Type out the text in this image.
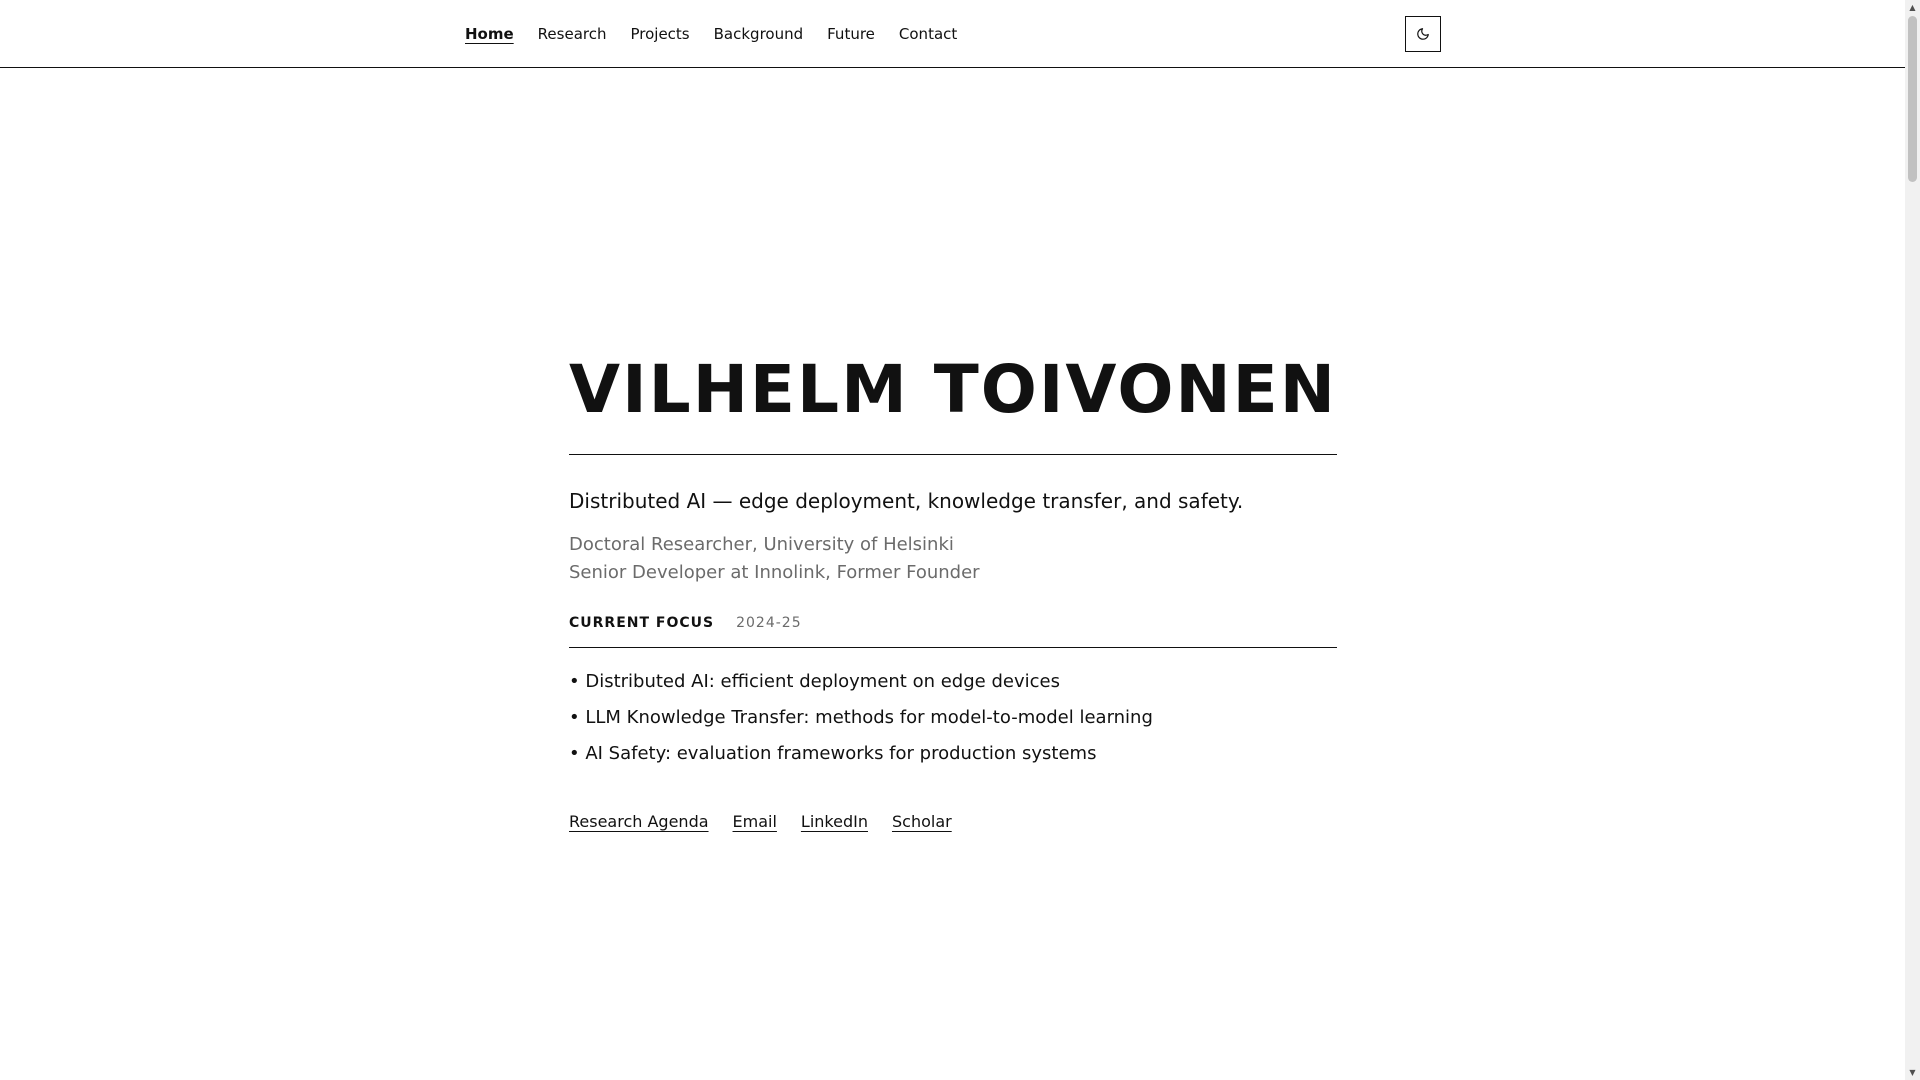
Home Research Projects Background Future Contact
VILHELM TOIVONEN

Distributed AI — edge deployment, knowledge transfer, and safety.

Doctoral Researcher, University of Helsinki
Senior Developer at Innolink, Former Founder
CURRENT FOCUS 2024-25
• Distributed AI: efficient deployment on edge devices
• LLM Knowledge Transfer: methods for model-to-model learning
• AI Safety: evaluation frameworks for production systems
Research Agenda Email LinkedIn Scholar
▲
▼
